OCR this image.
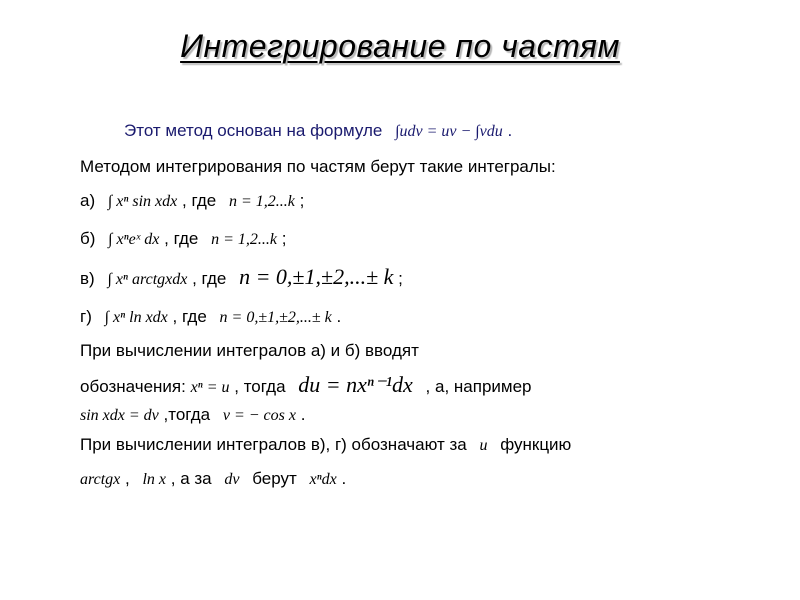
Интегрирование по частям
Этот метод основан на формуле ∫udv = uv − ∫vdu .
Методом интегрирования по частям берут такие интегралы:
а) ∫ xⁿ sin xdx , где n = 1,2...k ;
б) ∫ xⁿeˣ dx , где n = 1,2...k ;
в) ∫ xⁿ arctgxdx , где n = 0,±1,±2,...± k ;
г) ∫ xⁿ ln xdx , где n = 0,±1,±2,...± k .
При вычислении интегралов а) и б) вводят
обозначения: xⁿ = u , тогда du = nxⁿ⁻¹dx , а, например
sin xdx = dv ,тогда v = − cos x .
При вычислении интегралов в), г) обозначают за u функцию
arctgx , ln x , а за dv берут xⁿdx .
